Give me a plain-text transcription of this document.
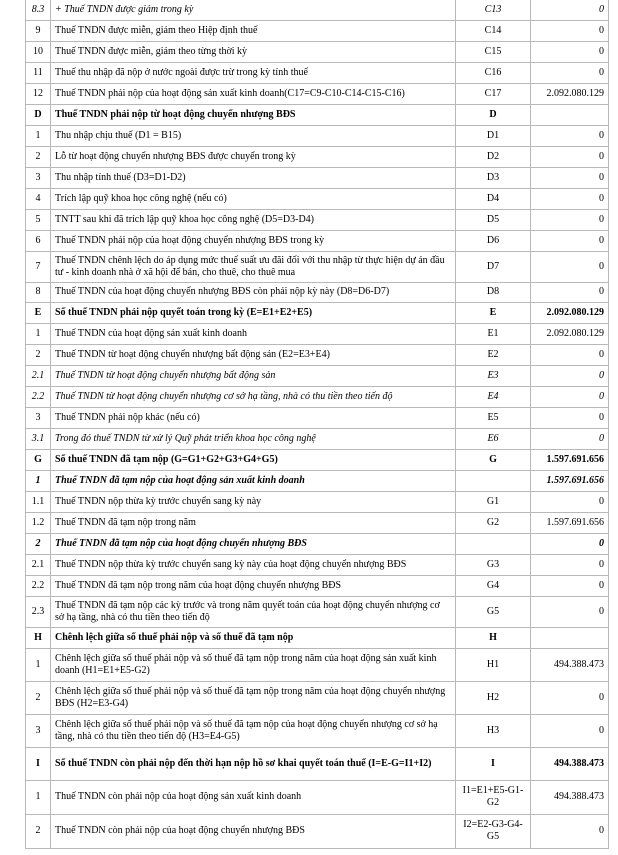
8.3	+ Thuế TNDN được giảm trong kỳ	C13	0
9	Thuế TNDN được miễn, giảm theo Hiệp định thuế	C14	0
10	Thuế TNDN được miễn, giảm theo từng thời kỳ	C15	0
11	Thuế thu nhập đã nộp ở nước ngoài được trừ trong kỳ tính thuế	C16	0
12	Thuế TNDN phải nộp của hoạt động sản xuất kinh doanh(C17=C9-C10-C14-C15-C16)	C17	2.092.080.129
D	Thuế TNDN phải nộp từ hoạt động chuyển nhượng BĐS	D	
1	Thu nhập chịu thuế (D1 = B15)	D1	0
2	Lỗ từ hoạt động chuyển nhượng BĐS được chuyển trong kỳ	D2	0
3	Thu nhập tính thuế (D3=D1-D2)	D3	0
4	Trích lập quỹ khoa học công nghệ (nếu có)	D4	0
5	TNTT sau khi đã trích lập quỹ khoa học công nghệ (D5=D3-D4)	D5	0
6	Thuế TNDN phải nộp của hoạt động chuyển nhượng BĐS trong kỳ	D6	0
7	Thuế TNDN chênh lệch do áp dụng mức thuế suất ưu đãi đối với thu nhập từ thực hiện dự án đầu tư - kinh doanh nhà ở xã hội để bán, cho thuê, cho thuê mua	D7	0
8	Thuế TNDN của hoạt động chuyển nhượng BĐS còn phải nộp kỳ này (D8=D6-D7)	D8	0
E	Số thuế TNDN phải nộp quyết toán trong kỳ (E=E1+E2+E5)	E	2.092.080.129
1	Thuế TNDN của hoạt động sản xuất kinh doanh	E1	2.092.080.129
2	Thuế TNDN từ hoạt động chuyển nhượng bất động sản (E2=E3+E4)	E2	0
2.1	Thuế TNDN từ hoạt động chuyển nhượng bất động sản	E3	0
2.2	Thuế TNDN từ hoạt động chuyển nhượng cơ sở hạ tầng, nhà có thu tiền theo tiến độ	E4	0
3	Thuế TNDN phải nộp khác (nếu có)	E5	0
3.1	Trong đó thuế TNDN từ xử lý Quỹ phát triển khoa học công nghệ	E6	0
G	Số thuế TNDN đã tạm nộp (G=G1+G2+G3+G4+G5)	G	1.597.691.656
1	Thuế TNDN đã tạm nộp của hoạt động sản xuất kinh doanh		1.597.691.656
1.1	Thuế TNDN nộp thừa kỳ trước chuyển sang kỳ này	G1	0
1.2	Thuế TNDN đã tạm nộp trong năm	G2	1.597.691.656
2	Thuế TNDN đã tạm nộp của hoạt động chuyển nhượng BĐS		0
2.1	Thuế TNDN nộp thừa kỳ trước chuyển sang kỳ này của hoạt động chuyển nhượng BĐS	G3	0
2.2	Thuế TNDN đã tạm nộp trong năm của hoạt động chuyển nhượng BĐS	G4	0
2.3	Thuế TNDN đã tạm nộp các kỳ trước và trong năm quyết toán của hoạt động chuyển nhượng cơ sở hạ tầng, nhà có thu tiền theo tiến độ	G5	0
H	Chênh lệch giữa số thuế phải nộp và số thuế đã tạm nộp	H	
1	Chênh lệch giữa số thuế phải nộp và số thuế đã tạm nộp trong năm của hoạt động sản xuất kinh doanh (H1=E1+E5-G2)	H1	494.388.473
2	Chênh lệch giữa số thuế phải nộp và số thuế đã tạm nộp trong năm của hoạt động chuyển nhượng BĐS (H2=E3-G4)	H2	0
3	Chênh lệch giữa số thuế phải nộp và số thuế đã tạm nộp của hoạt động chuyển nhượng cơ sở hạ tầng, nhà có thu tiền theo tiến độ (H3=E4-G5)	H3	0
I	Số thuế TNDN còn phải nộp đến thời hạn nộp hồ sơ khai quyết toán thuế (I=E-G=I1+I2)	I	494.388.473
1	Thuế TNDN còn phải nộp của hoạt động sản xuất kinh doanh	I1=E1+E5-G1-G2	494.388.473
2	Thuế TNDN còn phải nộp của hoạt động chuyển nhượng BĐS	I2=E2-G3-G4-G5	0
